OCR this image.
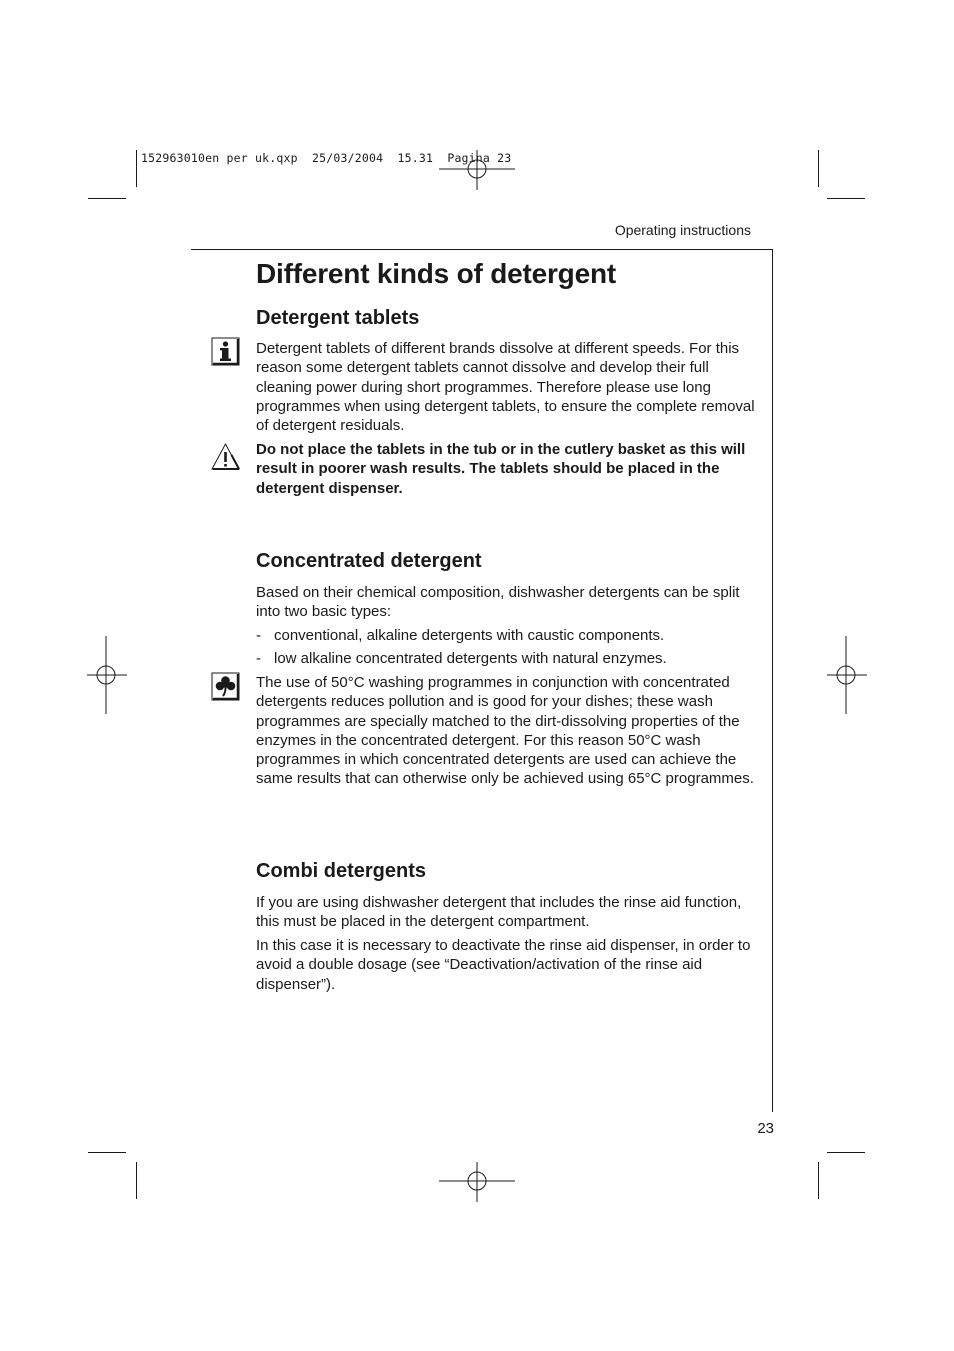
152963010en per uk.qxp  25/03/2004  15.31  Pagina 23
Operating instructions
Different kinds of detergent
Detergent tablets

Detergent tablets of different brands dissolve at different speeds. For this reason some detergent tablets cannot dissolve and develop their full cleaning power during short programmes. Therefore please use long programmes when using detergent tablets, to ensure the complete removal of detergent residuals.

Do not place the tablets in the tub or in the cutlery basket as this will result in poorer wash results. The tablets should be placed in the detergent dispenser.

Concentrated detergent

Based on their chemical composition, dishwasher detergents can be split into two basic types:

- conventional, alkaline detergents with caustic components.
- low alkaline concentrated detergents with natural enzymes.

The use of 50°C washing programmes in conjunction with concentrated detergents reduces pollution and is good for your dishes; these wash programmes are specially matched to the dirt-dissolving properties of the enzymes in the concentrated detergent. For this reason 50°C wash programmes in which concentrated detergents are used can achieve the same results that can otherwise only be achieved using 65°C programmes.

Combi detergents

If you are using dishwasher detergent that includes the rinse aid function, this must be placed in the detergent compartment.

In this case it is necessary to deactivate the rinse aid dispenser, in order to avoid a double dosage (see “Deactivation/activation of the rinse aid dispenser”).

23
